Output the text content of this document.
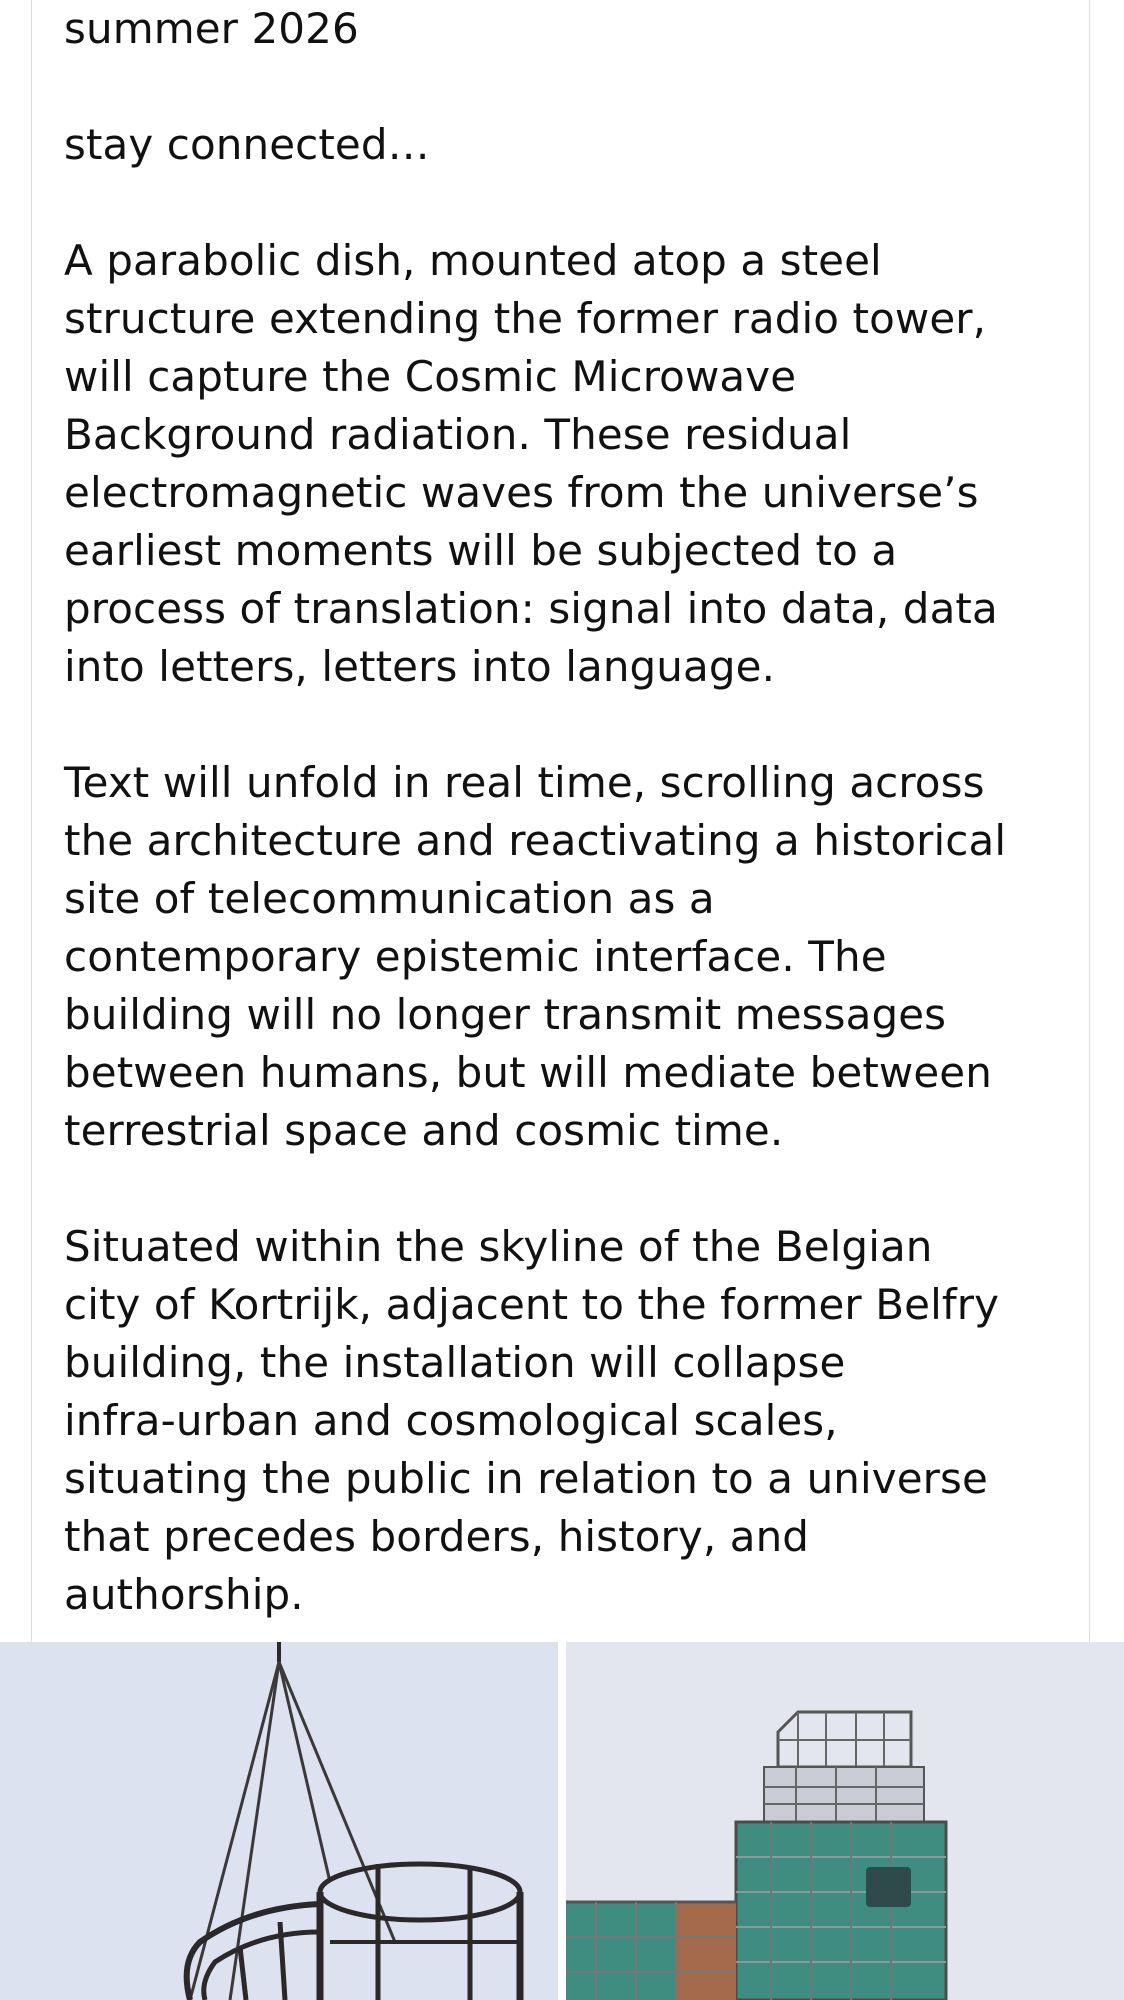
summer 2026

stay connected…

A parabolic dish, mounted atop a steel

structure extending the former radio tower,

will capture the Cosmic Microwave

Background radiation. These residual

electromagnetic waves from the universe’s

earliest moments will be subjected to a

process of translation: signal into data, data

into letters, letters into language.

Text will unfold in real time, scrolling across

the architecture and reactivating a historical

site of telecommunication as a

contemporary epistemic interface. The

building will no longer transmit messages

between humans, but will mediate between

terrestrial space and cosmic time.

Situated within the skyline of the Belgian

city of Kortrijk, adjacent to the former Belfry

building, the installation will collapse

infra-urban and cosmological scales,

situating the public in relation to a universe

that precedes borders, history, and

authorship.
